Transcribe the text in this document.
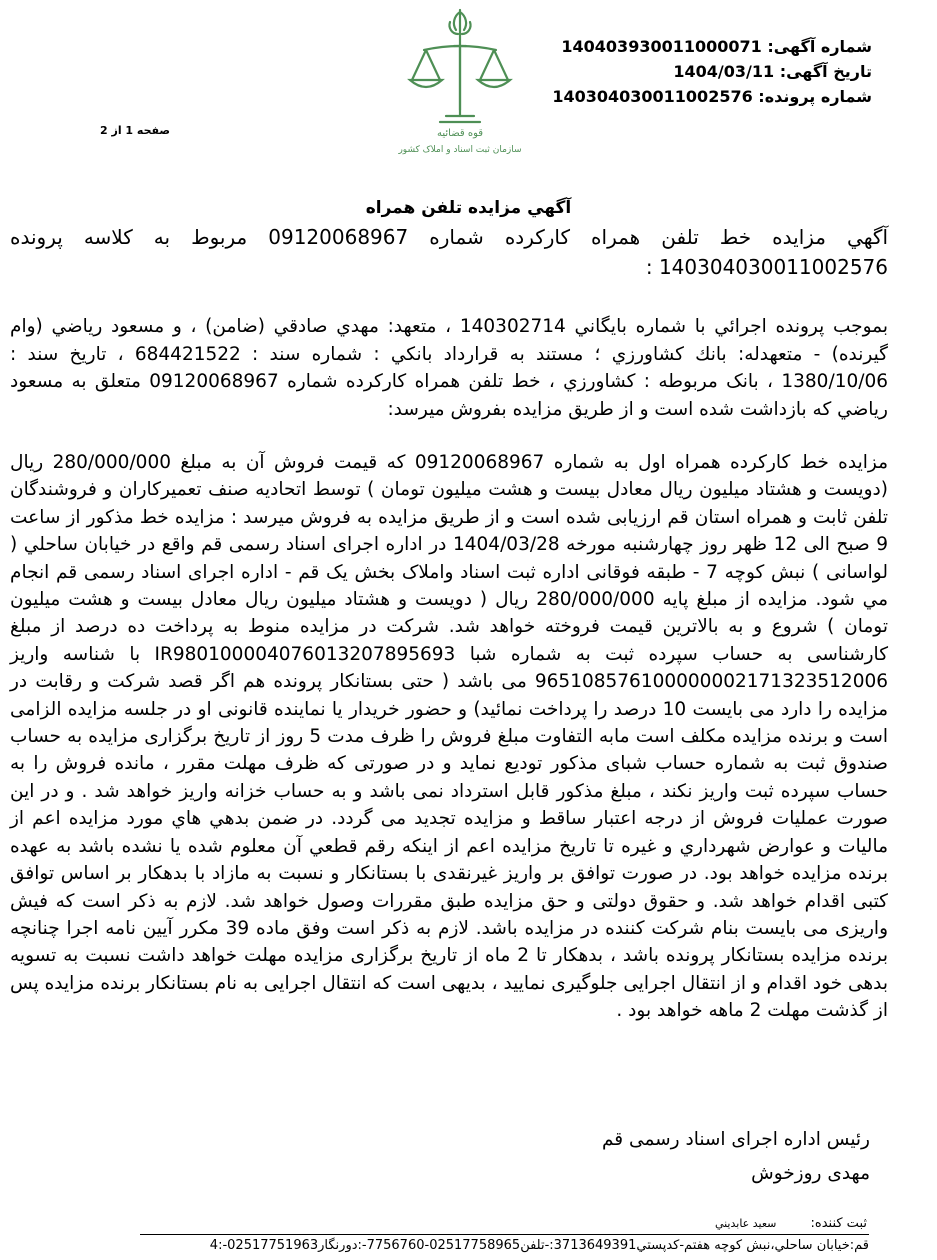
شماره آگهی: 14040393001100007‌1
تاریخ آگهی: 1404/03/11
شماره پرونده: 14030403001100257‌6
قوه قضائیه
سازمان ثبت اسناد و املاک کشور
صفحه 1 از 2
آگهي مزايده تلفن همراه
آگهي مزايده خط تلفن همراه كاركرده شماره 09120068967 مربوط به كلاسه پرونده 140304030011002576 :
بموجب پرونده اجرائي با شماره بايگاني 140302714 ، متعهد: مهدي صادقي (ضامن) ، و مسعود رياضي (وام گيرنده) - متعهدله: بانك كشاورزي ؛ مستند به قرارداد بانكي : شماره سند : 684421522 ، تاريخ سند : 1380/10/06 ، بانک مربوطه : كشاورزي ، خط تلفن همراه كاركرده شماره 09120068967 متعلق به مسعود رياضي كه بازداشت شده است و از طريق مزايده بفروش ميرسد:
مزايده خط كاركرده همراه اول به شماره 09120068967 كه قيمت فروش آن به مبلغ 280/000/000 ريال (دويست و هشتاد ميليون ريال معادل بيست و هشت ميليون تومان ) توسط اتحاديه صنف تعميركاران و فروشندگان تلفن ثابت و همراه استان قم ارزيابی شده است و از طريق مزايده به فروش ميرسد : مزايده خط مذكور از ساعت 9 صبح الی 12 ظهر روز چهارشنبه مورخه 1404/03/28 در اداره اجرای اسناد رسمی قم واقع در خيابان ساحلي ( لواسانی ) نبش كوچه 7 - طبقه فوقانی اداره ثبت اسناد واملاک بخش يک قم - اداره اجرای اسناد رسمی قم انجام مي شود. مزايده از مبلغ پايه 280/000/000 ريال ( دويست و هشتاد ميليون ريال معادل بيست و هشت ميليون تومان ) شروع و به بالاترين قيمت فروخته خواهد شد. شركت در مزايده منوط به پرداخت ده درصد از مبلغ كارشناسی به حساب سپرده ثبت به شماره شبا IR980100004076013207895693 با شناسه واريز 965108576100000002171323512006 می باشد ( حتی بستانكار پرونده هم اگر قصد شركت و رقابت در مزايده را دارد می بايست 10 درصد را پرداخت نمائيد) و حضور خريدار يا نماينده قانونی او در جلسه مزايده الزامی است و برنده مزايده مكلف است مابه التفاوت مبلغ فروش را ظرف مدت 5 روز از تاريخ برگزاری مزايده به حساب صندوق ثبت به شماره حساب شبای مذكور توديع نمايد و در صورتی كه ظرف مهلت مقرر ، مانده فروش را به حساب سپرده ثبت واريز نكند ، مبلغ مذكور قابل استرداد نمی باشد و به حساب خزانه واريز خواهد شد . و در اين صورت عمليات فروش از درجه اعتبار ساقط و مزايده تجديد می گردد. در ضمن بدهي هاي مورد مزايده اعم از ماليات و عوارض شهرداري و غيره تا تاريخ مزايده اعم از اينكه رقم قطعي آن معلوم شده يا نشده باشد به عهده برنده مزايده خواهد بود. در صورت توافق بر واريز غيرنقدی با بستانكار و نسبت به مازاد با بدهكار بر اساس توافق كتبی اقدام خواهد شد. و حقوق دولتی و حق مزايده طبق مقررات وصول خواهد شد. لازم به ذكر است كه فيش واريزی می بايست بنام شركت كننده در مزايده باشد. لازم به ذكر است وفق ماده 39 مكرر آيين نامه اجرا چنانچه برنده مزايده بستانكار پرونده باشد ، بدهكار تا 2 ماه از تاريخ برگزاری مزايده مهلت خواهد داشت نسبت به تسويه بدهی خود اقدام و از انتقال اجرايی جلوگيری نماييد ، بديهی است كه انتقال اجرايی به نام بستانكار برنده مزايده پس از گذشت مهلت 2 ماهه خواهد بود .
رئيس اداره اجرای اسناد رسمی قم
مهدی روزخوش
ثبت كننده: سعيد عابديني
قم:خيابان ساحلي،نبش كوچه هفتم-كدپستي3713649391:-تلفن02517758965-7756760-:دورنگار02517751963-:4
